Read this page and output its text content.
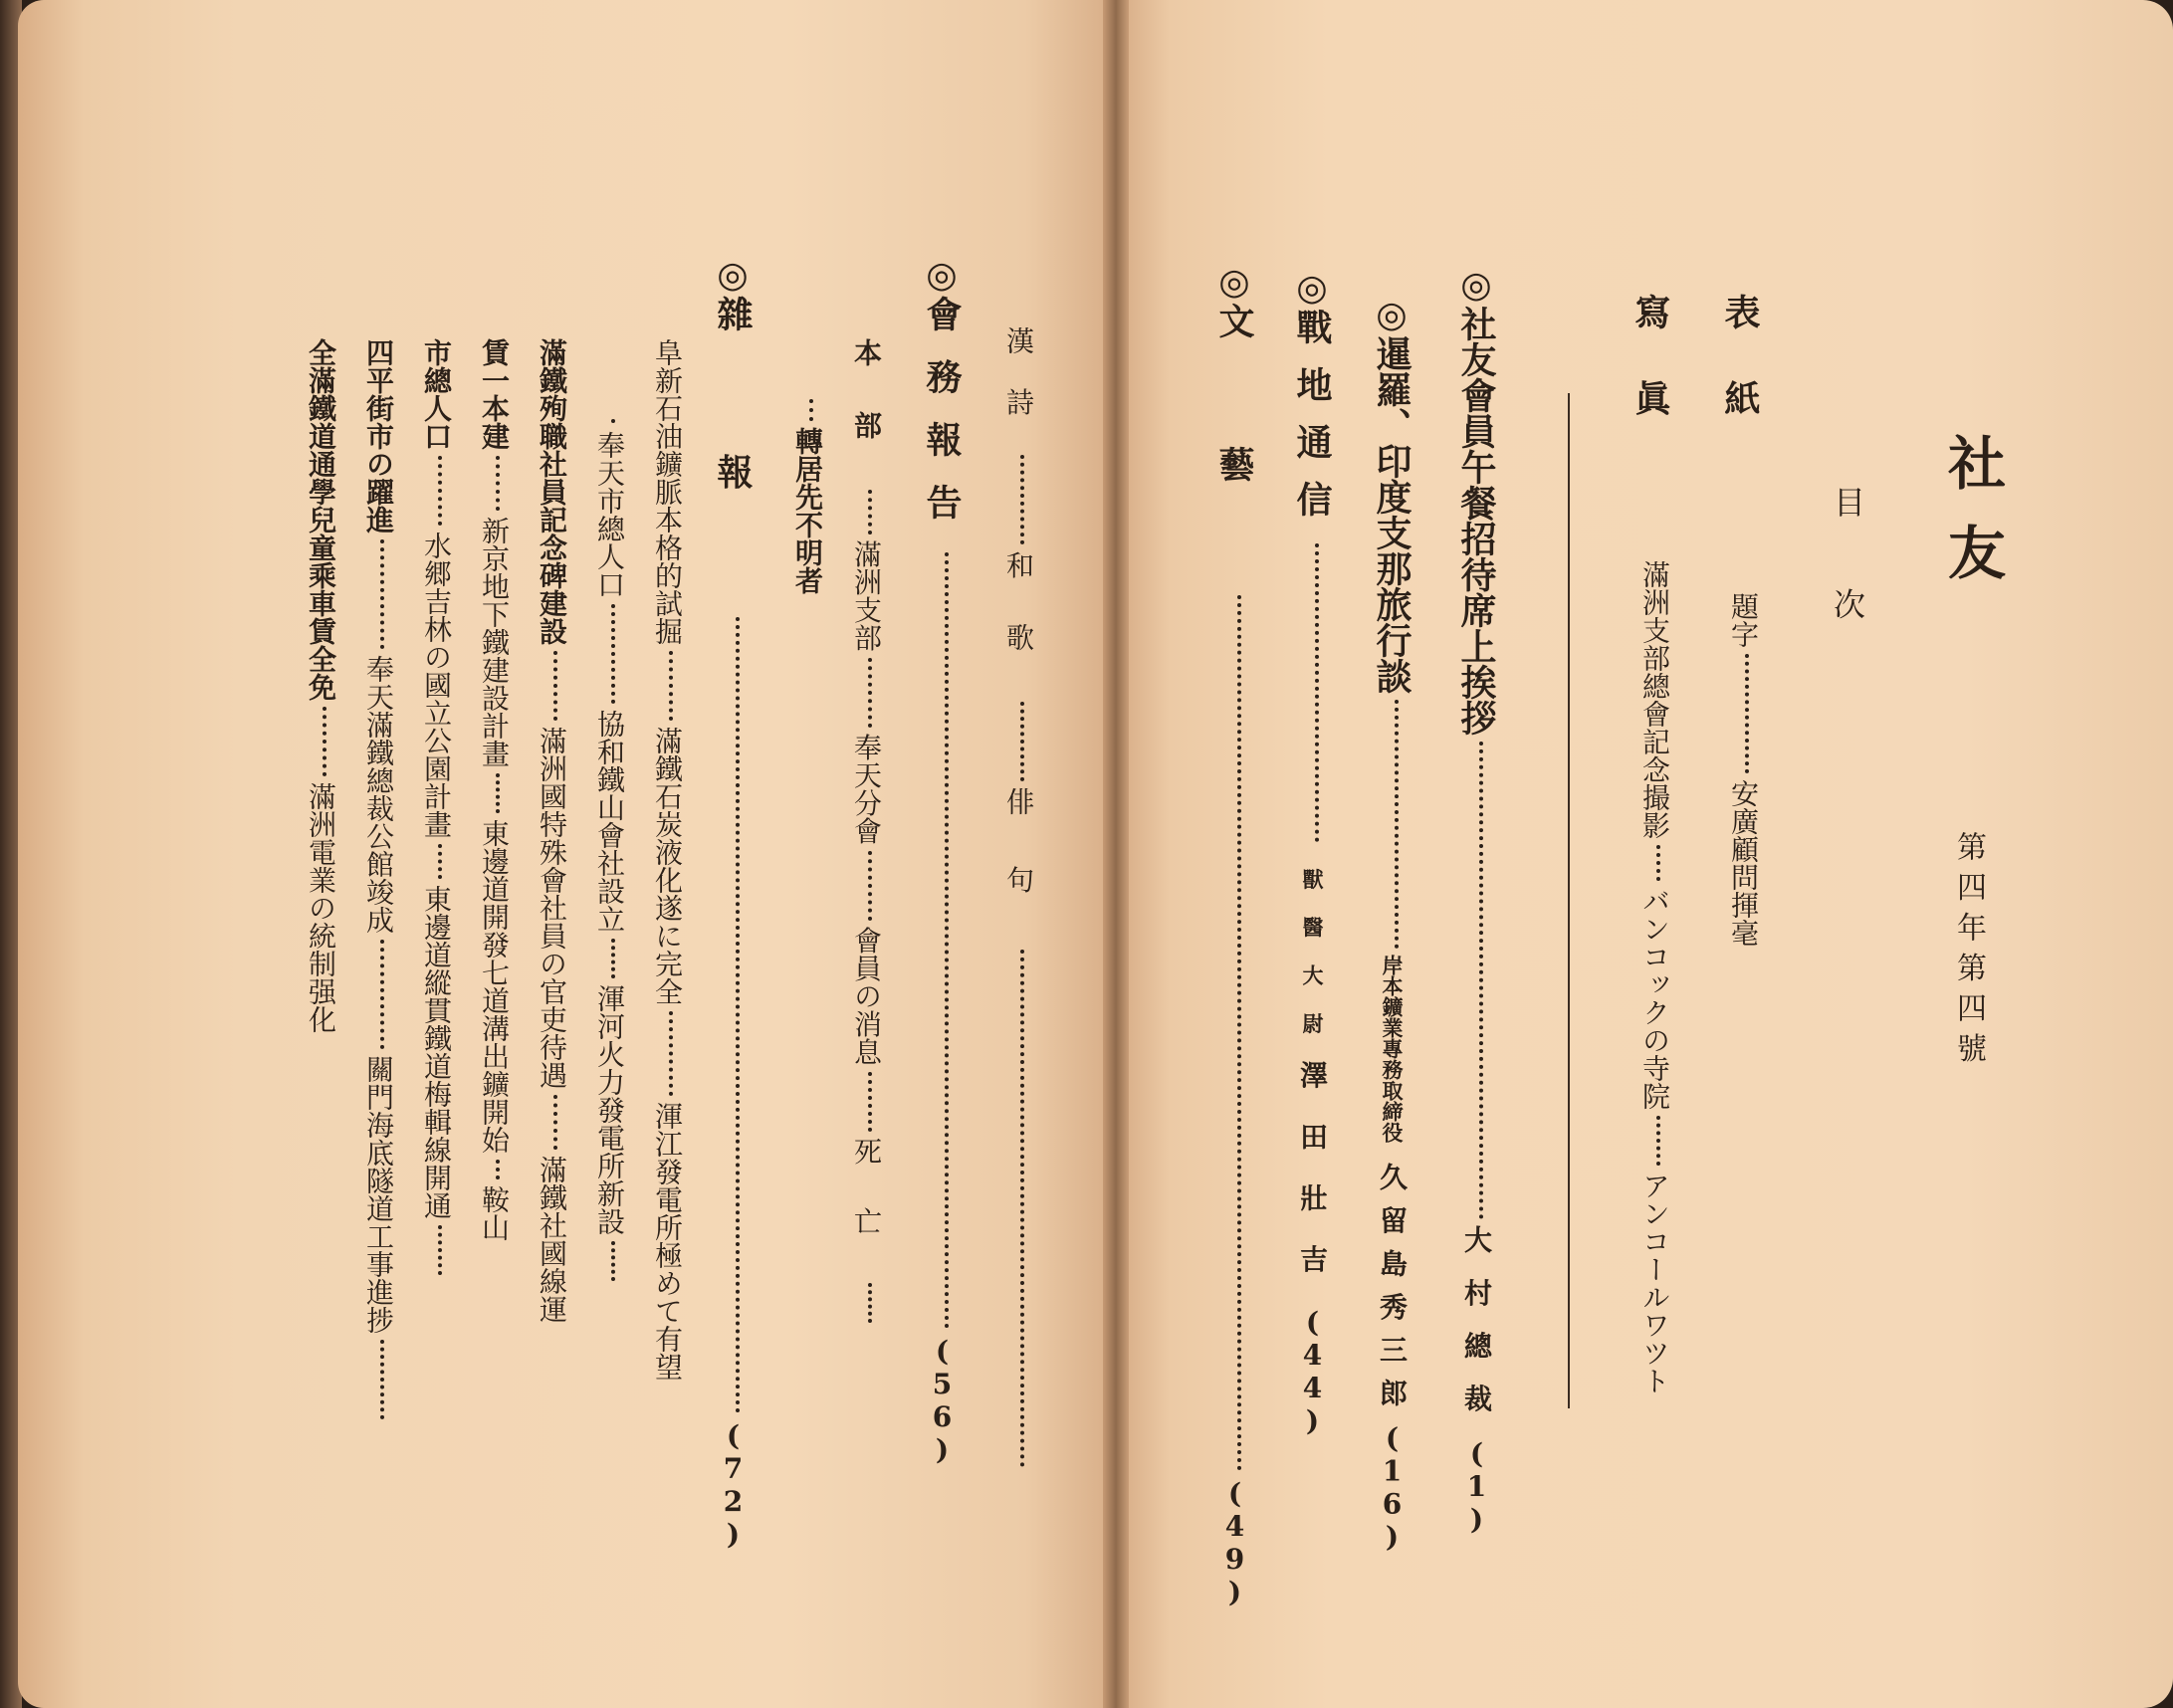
社友
第四年第四號
目次
表紙
題字安廣顧問揮毫
寫眞
滿洲支部總會記念撮影バンコックの寺院アンコールワツト
◎社友會員午餐招待席上挨拶大村總裁(1)
◎暹羅、印度支那旅行談岸本鑛業專務取締役久留島秀三郎(16)
◎戰地通信獸醫大尉澤田壯吉(44)
◎文藝(49)
漢詩和歌俳句
◎會務報告(56)
本部滿洲支部奉天分會會員の消息死亡
轉居先不明者
◎雜報(72)
阜新石油鑛脈本格的試掘滿鐵石炭液化遂に完全渾江發電所極めて有望
奉天市總人口協和鐵山會社設立渾河火力發電所新設
滿鐵殉職社員記念碑建設滿洲國特殊會社員の官吏待遇滿鐵社國線運
賃一本建新京地下鐵建設計畫東邊道開發七道溝出鑛開始鞍山
市總人口水郷吉林の國立公園計畫東邊道縱貫鐵道梅輯線開通
四平街市の躍進奉天滿鐵總裁公館竣成關門海底隧道工事進捗
全滿鐵道通學兒童乘車賃全免滿洲電業の統制强化
